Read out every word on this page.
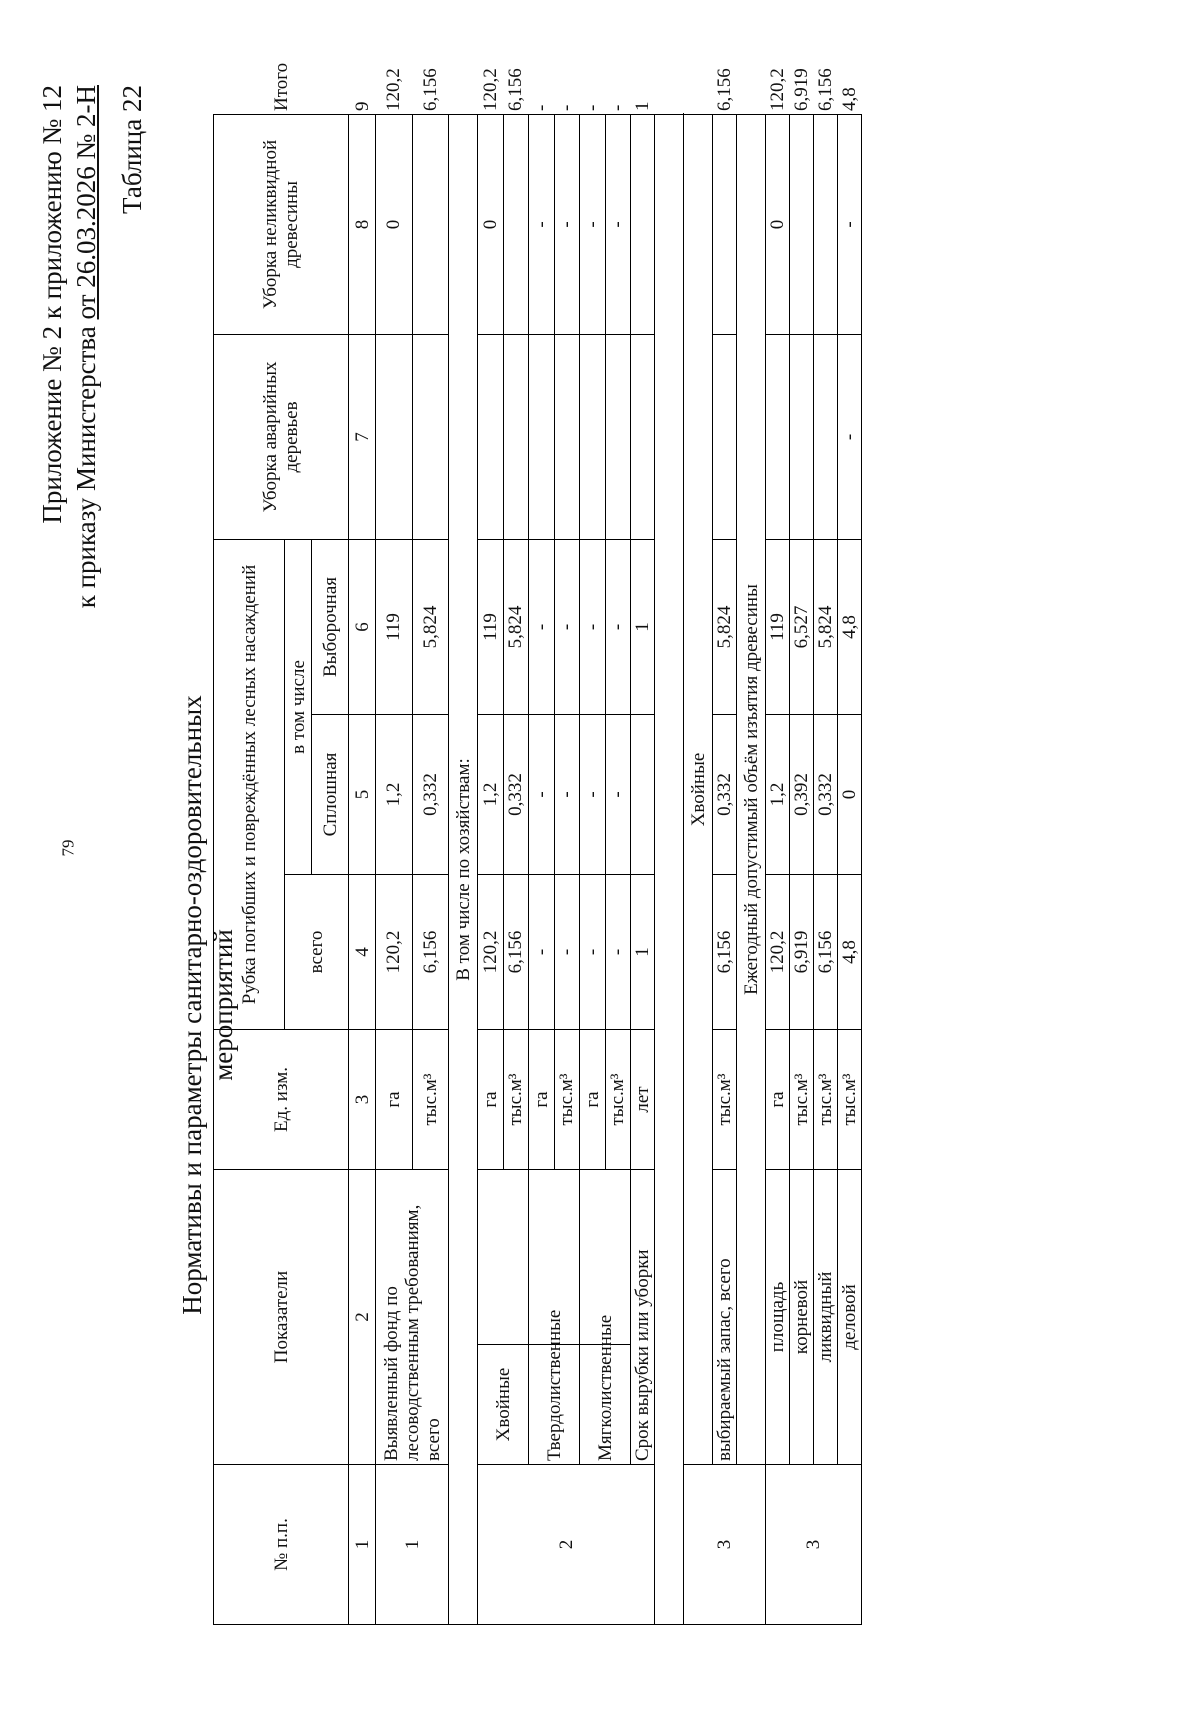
79
Приложение № 2 к приложению № 12 к приказу Министерства от 26.03.2026 № 2-Н Таблица 22
Нормативы и параметры санитарно-оздоровительных мероприятий
№ п.п.	Показатели		Ед. изм.	Рубка погибших и повреждённых лесных насаждений			Уборка аварийных деревьев	Уборка неликвидной древесины	Итого
				всего	в том числе				
					Сплошная	Выборочная			
1	2		3	4	5	6	7	8	9
1	Выявленный фонд по лесоводственным требованиям, всего		га	120,2	1,2	119		0	120,2
			тыс.м³	6,156	0,332	5,824			6,156
В том числе по хозяйствам:									
2	Хвойные		га	120,2	1,2	119		0	120,2
			тыс.м³	6,156	0,332	5,824			6,156
	Твердолиственные		га	-	-	-		-	-
			тыс.м³	-	-	-		-	-
	Мягколиственные		га	-	-	-		-	-
			тыс.м³	-	-	-		-	-
	Срок вырубки или уборки		лет	1		1			1

3	Хвойные								
	выбираемый запас, всего		тыс.м³	6,156	0,332	5,824			6,156
	Ежегодный допустимый объём изъятия древесины								
3	площадь		га	120,2	1,2	119		0	120,2
	корневой		тыс.м³	6,919	0,392	6,527			6,919
	ликвидный		тыс.м³	6,156	0,332	5,824			6,156
	деловой		тыс.м³	4,8	0	4,8	-	-	4,8
